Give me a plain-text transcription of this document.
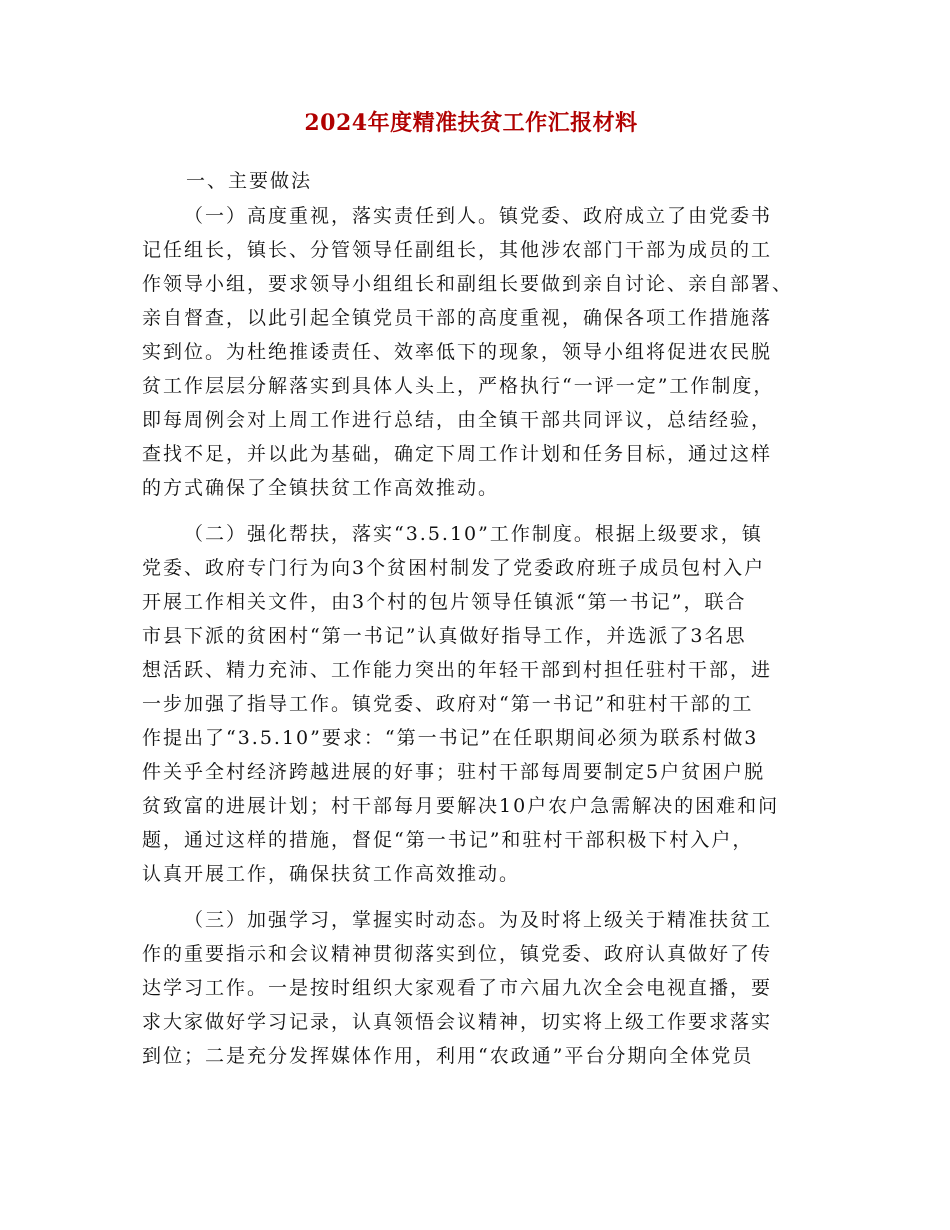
2024年度精准扶贫工作汇报材料
一、主要做法
（一）高度重视，落实责任到人。镇党委、政府成立了由党委书
记任组长，镇长、分管领导任副组长，其他涉农部门干部为成员的工
作领导小组，要求领导小组组长和副组长要做到亲自讨论、亲自部署、
亲自督查，以此引起全镇党员干部的高度重视，确保各项工作措施落
实到位。为杜绝推诿责任、效率低下的现象，领导小组将促进农民脱
贫工作层层分解落实到具体人头上，严格执行“一评一定”工作制度，
即每周例会对上周工作进行总结，由全镇干部共同评议，总结经验，
查找不足，并以此为基础，确定下周工作计划和任务目标，通过这样
的方式确保了全镇扶贫工作高效推动。
（二）强化帮扶，落实“3.5.10”工作制度。根据上级要求，镇
党委、政府专门行为向3个贫困村制发了党委政府班子成员包村入户
开展工作相关文件，由3个村的包片领导任镇派“第一书记”，联合
市县下派的贫困村“第一书记”认真做好指导工作，并选派了3名思
想活跃、精力充沛、工作能力突出的年轻干部到村担任驻村干部，进
一步加强了指导工作。镇党委、政府对“第一书记”和驻村干部的工
作提出了“3.5.10”要求：“第一书记”在任职期间必须为联系村做3
件关乎全村经济跨越进展的好事；驻村干部每周要制定5户贫困户脱
贫致富的进展计划；村干部每月要解决10户农户急需解决的困难和问
题，通过这样的措施，督促“第一书记”和驻村干部积极下村入户，
认真开展工作，确保扶贫工作高效推动。
（三）加强学习，掌握实时动态。为及时将上级关于精准扶贫工
作的重要指示和会议精神贯彻落实到位，镇党委、政府认真做好了传
达学习工作。一是按时组织大家观看了市六届九次全会电视直播，要
求大家做好学习记录，认真领悟会议精神，切实将上级工作要求落实
到位；二是充分发挥媒体作用，利用“农政通”平台分期向全体党员
